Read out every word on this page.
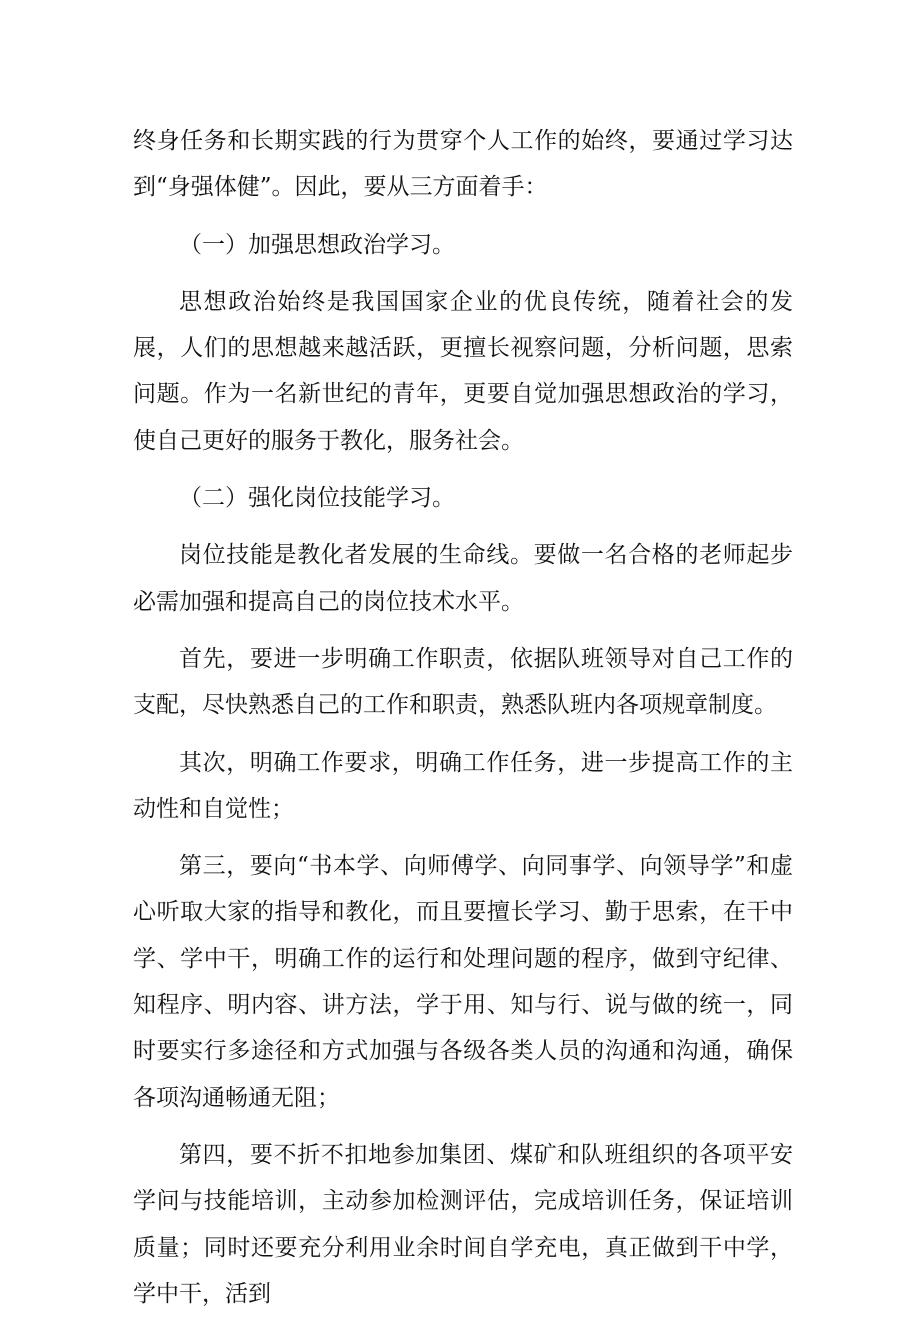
终身任务和长期实践的行为贯穿个人工作的始终，要通过学习达到“身强体健”。因此，要从三方面着手：

（一）加强思想政治学习。

思想政治始终是我国国家企业的优良传统，随着社会的发展，人们的思想越来越活跃，更擅长视察问题，分析问题，思索问题。作为一名新世纪的青年，更要自觉加强思想政治的学习，使自己更好的服务于教化，服务社会。

（二）强化岗位技能学习。

岗位技能是教化者发展的生命线。要做一名合格的老师起步必需加强和提高自己的岗位技术水平。

首先，要进一步明确工作职责，依据队班领导对自己工作的支配，尽快熟悉自己的工作和职责，熟悉队班内各项规章制度。

其次，明确工作要求，明确工作任务，进一步提高工作的主动性和自觉性；

第三，要向“书本学、向师傅学、向同事学、向领导学”和虚心听取大家的指导和教化，而且要擅长学习、勤于思索，在干中学、学中干，明确工作的运行和处理问题的程序，做到守纪律、知程序、明内容、讲方法，学于用、知与行、说与做的统一，同时要实行多途径和方式加强与各级各类人员的沟通和沟通，确保各项沟通畅通无阻；

第四，要不折不扣地参加集团、煤矿和队班组织的各项平安学问与技能培训，主动参加检测评估，完成培训任务，保证培训质量；同时还要充分利用业余时间自学充电，真正做到干中学，学中干，活到
